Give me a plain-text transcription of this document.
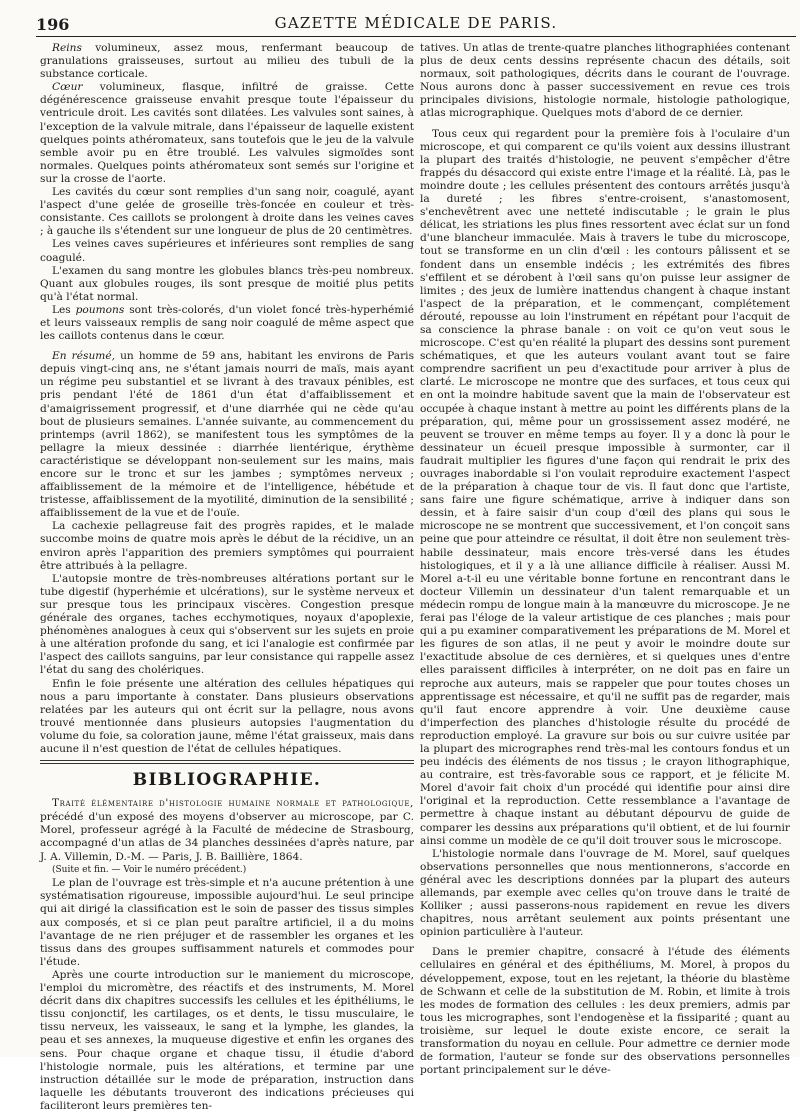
196	GAZETTE MÉDICALE DE PARIS.

Reins volumineux, assez mous, renfermant beaucoup de granulations graisseuses, surtout au milieu des tubuli de la substance corticale.

Cœur volumineux, flasque, infiltré de graisse. Cette dégénérescence graisseuse envahit presque toute l'épaisseur du ventricule droit. Les cavités sont dilatées. Les valvules sont saines, à l'exception de la valvule mitrale, dans l'épaisseur de laquelle existent quelques points athéromateux, sans toutefois que le jeu de la valvule semble avoir pu en être troublé. Les valvules sigmoïdes sont normales. Quelques points athéromateux sont semés sur l'origine et sur la crosse de l'aorte.

Les cavités du cœur sont remplies d'un sang noir, coagulé, ayant l'aspect d'une gelée de groseille très-foncée en couleur et très-consistante. Ces caillots se prolongent à droite dans les veines caves ; à gauche ils s'étendent sur une longueur de plus de 20 centimètres.

Les veines caves supérieures et inférieures sont remplies de sang coagulé.

L'examen du sang montre les globules blancs très-peu nombreux. Quant aux globules rouges, ils sont presque de moitié plus petits qu'à l'état normal.

Les poumons sont très-colorés, d'un violet foncé très-hyperhémié et leurs vaisseaux remplis de sang noir coagulé de même aspect que les caillots contenus dans le cœur.

En résumé, un homme de 59 ans, habitant les environs de Paris depuis vingt-cinq ans, ne s'étant jamais nourri de maïs, mais ayant un régime peu substantiel et se livrant à des travaux pénibles, est pris pendant l'été de 1861 d'un état d'affaiblissement et d'amaigrissement progressif, et d'une diarrhée qui ne cède qu'au bout de plusieurs semaines. L'année suivante, au commencement du printemps (avril 1862), se manifestent tous les symptômes de la pellagre la mieux dessinée : diarrhée lientérique, érythème caractéristique se développant non-seulement sur les mains, mais encore sur le tronc et sur les jambes ; symptômes nerveux ; affaiblissement de la mémoire et de l'intelligence, hébétude et tristesse, affaiblissement de la myotilité, diminution de la sensibilité ; affaiblissement de la vue et de l'ouïe.

La cachexie pellagreuse fait des progrès rapides, et le malade succombe moins de quatre mois après le début de la récidive, un an environ après l'apparition des premiers symptômes qui pourraient être attribués à la pellagre.

L'autopsie montre de très-nombreuses altérations portant sur le tube digestif (hyperhémie et ulcérations), sur le système nerveux et sur presque tous les principaux viscères. Congestion presque générale des organes, taches ecchymotiques, noyaux d'apoplexie, phénomènes analogues à ceux qui s'observent sur les sujets en proie à une altération profonde du sang, et ici l'analogie est confirmée par l'aspect des caillots sanguins, par leur consistance qui rappelle assez l'état du sang des cholériques.

Enfin le foie présente une altération des cellules hépatiques qui nous a paru importante à constater. Dans plusieurs observations relatées par les auteurs qui ont écrit sur la pellagre, nous avons trouvé mentionnée dans plusieurs autopsies l'augmentation du volume du foie, sa coloration jaune, même l'état graisseux, mais dans aucune il n'est question de l'état de cellules hépatiques.

BIBLIOGRAPHIE.

Traité élémentaire d'histologie humaine normale et pathologique, précédé d'un exposé des moyens d'observer au microscope, par C. Morel, professeur agrégé à la Faculté de médecine de Strasbourg, accompagné d'un atlas de 34 planches dessinées d'après nature, par J. A. Villemin, D.-M. — Paris, J. B. Baillière, 1864.

(Suite et fin. — Voir le numéro précédent.)

Le plan de l'ouvrage est très-simple et n'a aucune prétention à une systématisation rigoureuse, impossible aujourd'hui. Le seul principe qui ait dirigé la classification est le soin de passer des tissus simples aux composés, et si ce plan peut paraître artificiel, il a du moins l'avantage de ne rien préjuger et de rassembler les organes et les tissus dans des groupes suffisamment naturels et commodes pour l'étude.

Après une courte introduction sur le maniement du microscope, l'emploi du micromètre, des réactifs et des instruments, M. Morel décrit dans dix chapitres successifs les cellules et les épithéliums, le tissu conjonctif, les cartilages, os et dents, le tissu musculaire, le tissu nerveux, les vaisseaux, le sang et la lymphe, les glandes, la peau et ses annexes, la muqueuse digestive et enfin les organes des sens. Pour chaque organe et chaque tissu, il étudie d'abord l'histologie normale, puis les altérations, et termine par une instruction détaillée sur le mode de préparation, instruction dans laquelle les débutants trouveront des indications précieuses qui faciliteront leurs premières ten-

tatives. Un atlas de trente-quatre planches lithographiées contenant plus de deux cents dessins représente chacun des détails, soit normaux, soit pathologiques, décrits dans le courant de l'ouvrage. Nous aurons donc à passer successivement en revue ces trois principales divisions, histologie normale, histologie pathologique, atlas micrographique. Quelques mots d'abord de ce dernier.

Tous ceux qui regardent pour la première fois à l'oculaire d'un microscope, et qui comparent ce qu'ils voient aux dessins illustrant la plupart des traités d'histologie, ne peuvent s'empêcher d'être frappés du désaccord qui existe entre l'image et la réalité. Là, pas le moindre doute ; les cellules présentent des contours arrêtés jusqu'à la dureté ; les fibres s'entre-croisent, s'anastomosent, s'enchevêtrent avec une netteté indiscutable ; le grain le plus délicat, les striations les plus fines ressortent avec éclat sur un fond d'une blancheur immaculée. Mais à travers le tube du microscope, tout se transforme en un clin d'œil : les contours pâlissent et se fondent dans un ensemble indécis ; les extrémités des fibres s'effilent et se dérobent à l'œil sans qu'on puisse leur assigner de limites ; des jeux de lumière inattendus changent à chaque instant l'aspect de la préparation, et le commençant, complétement dérouté, repousse au loin l'instrument en répétant pour l'acquit de sa conscience la phrase banale : on voit ce qu'on veut sous le microscope. C'est qu'en réalité la plupart des dessins sont purement schématiques, et que les auteurs voulant avant tout se faire comprendre sacrifient un peu d'exactitude pour arriver à plus de clarté. Le microscope ne montre que des surfaces, et tous ceux qui en ont la moindre habitude savent que la main de l'observateur est occupée à chaque instant à mettre au point les différents plans de la préparation, qui, même pour un grossissement assez modéré, ne peuvent se trouver en même temps au foyer. Il y a donc là pour le dessinateur un écueil presque impossible à surmonter, car il faudrait multiplier les figures d'une façon qui rendrait le prix des ouvrages inabordable si l'on voulait reproduire exactement l'aspect de la préparation à chaque tour de vis. Il faut donc que l'artiste, sans faire une figure schématique, arrive à indiquer dans son dessin, et à faire saisir d'un coup d'œil des plans qui sous le microscope ne se montrent que successivement, et l'on conçoit sans peine que pour atteindre ce résultat, il doit être non seulement très-habile dessinateur, mais encore très-versé dans les études histologiques, et il y a là une alliance difficile à réaliser. Aussi M. Morel a-t-il eu une véritable bonne fortune en rencontrant dans le docteur Villemin un dessinateur d'un talent remarquable et un médecin rompu de longue main à la manœuvre du microscope. Je ne ferai pas l'éloge de la valeur artistique de ces planches ; mais pour qui a pu examiner comparativement les préparations de M. Morel et les figures de son atlas, il ne peut y avoir le moindre doute sur l'exactitude absolue de ces dernières, et si quelques unes d'entre elles paraissent difficiles à interpréter, on ne doit pas en faire un reproche aux auteurs, mais se rappeler que pour toutes choses un apprentissage est nécessaire, et qu'il ne suffit pas de regarder, mais qu'il faut encore apprendre à voir. Une deuxième cause d'imperfection des planches d'histologie résulte du procédé de reproduction employé. La gravure sur bois ou sur cuivre usitée par la plupart des micrographes rend très-mal les contours fondus et un peu indécis des éléments de nos tissus ; le crayon lithographique, au contraire, est très-favorable sous ce rapport, et je félicite M. Morel d'avoir fait choix d'un procédé qui identifie pour ainsi dire l'original et la reproduction. Cette ressemblance a l'avantage de permettre à chaque instant au débutant dépourvu de guide de comparer les dessins aux préparations qu'il obtient, et de lui fournir ainsi comme un modèle de ce qu'il doit trouver sous le microscope.

L'histologie normale dans l'ouvrage de M. Morel, sauf quelques observations personnelles que nous mentionnerons, s'accorde en général avec les descriptions données par la plupart des auteurs allemands, par exemple avec celles qu'on trouve dans le traité de Kolliker ; aussi passerons-nous rapidement en revue les divers chapitres, nous arrêtant seulement aux points présentant une opinion particulière à l'auteur.

Dans le premier chapitre, consacré à l'étude des éléments cellulaires en général et des épithéliums, M. Morel, à propos du développement, expose, tout en les rejetant, la théorie du blastème de Schwann et celle de la substitution de M. Robin, et limite à trois les modes de formation des cellules : les deux premiers, admis par tous les micrographes, sont l'endogenèse et la fissiparité ; quant au troisième, sur lequel le doute existe encore, ce serait la transformation du noyau en cellule. Pour admettre ce dernier mode de formation, l'auteur se fonde sur des observations personnelles portant principalement sur le déve-
